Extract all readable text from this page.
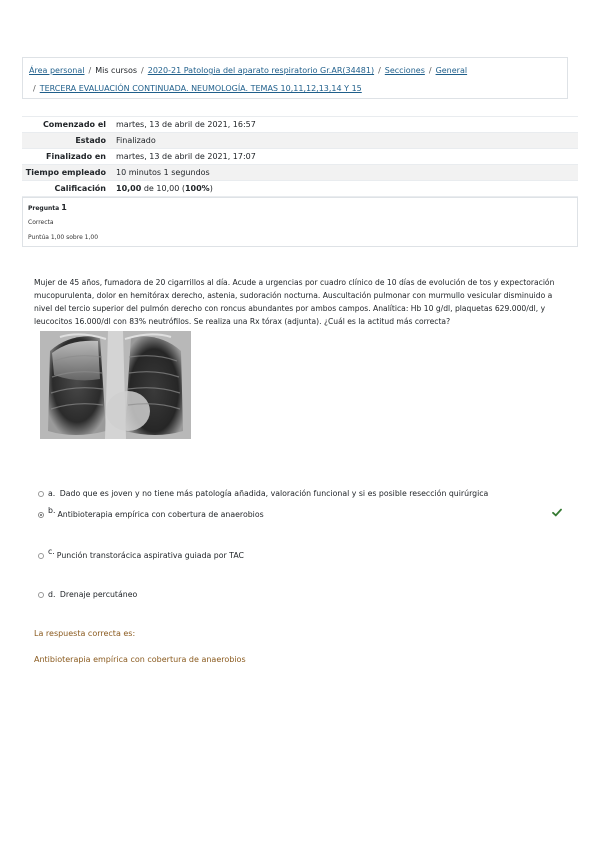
Área personal / Mis cursos / 2020-21 Patologia del aparato respiratorio Gr.AR(34481) / Secciones / General
/ TERCERA EVALUACIÓN CONTINUADA. NEUMOLOGÍA. TEMAS 10,11,12,13,14 Y 15
Comenzado el	martes, 13 de abril de 2021, 16:57
Estado	Finalizado
Finalizado en	martes, 13 de abril de 2021, 17:07
Tiempo empleado	10 minutos 1 segundos
Calificación	10,00 de 10,00 (100%)
Pregunta 1
Correcta
Puntúa 1,00 sobre 1,00
Mujer de 45 años, fumadora de 20 cigarrillos al día. Acude a urgencias por cuadro clínico de 10 días de evolución de tos y expectoración mucopurulenta, dolor en hemitórax derecho, astenia, sudoración nocturna. Auscultación pulmonar con murmullo vesicular disminuido a nivel del tercio superior del pulmón derecho con roncus abundantes por ambos campos. Analítica: Hb 10 g/dl, plaquetas 629.000/dl, y leucocitos 16.000/dl con 83% neutrófilos. Se realiza una Rx tórax (adjunta). ¿Cuál es la actitud más correcta?
a. Dado que es joven y no tiene más patología añadida, valoración funcional y si es posible resección quirúrgica
b. Antibioterapia empírica con cobertura de anaerobios
c. Punción transtorácica aspirativa guiada por TAC
d. Drenaje percutáneo
La respuesta correcta es:
Antibioterapia empírica con cobertura de anaerobios
